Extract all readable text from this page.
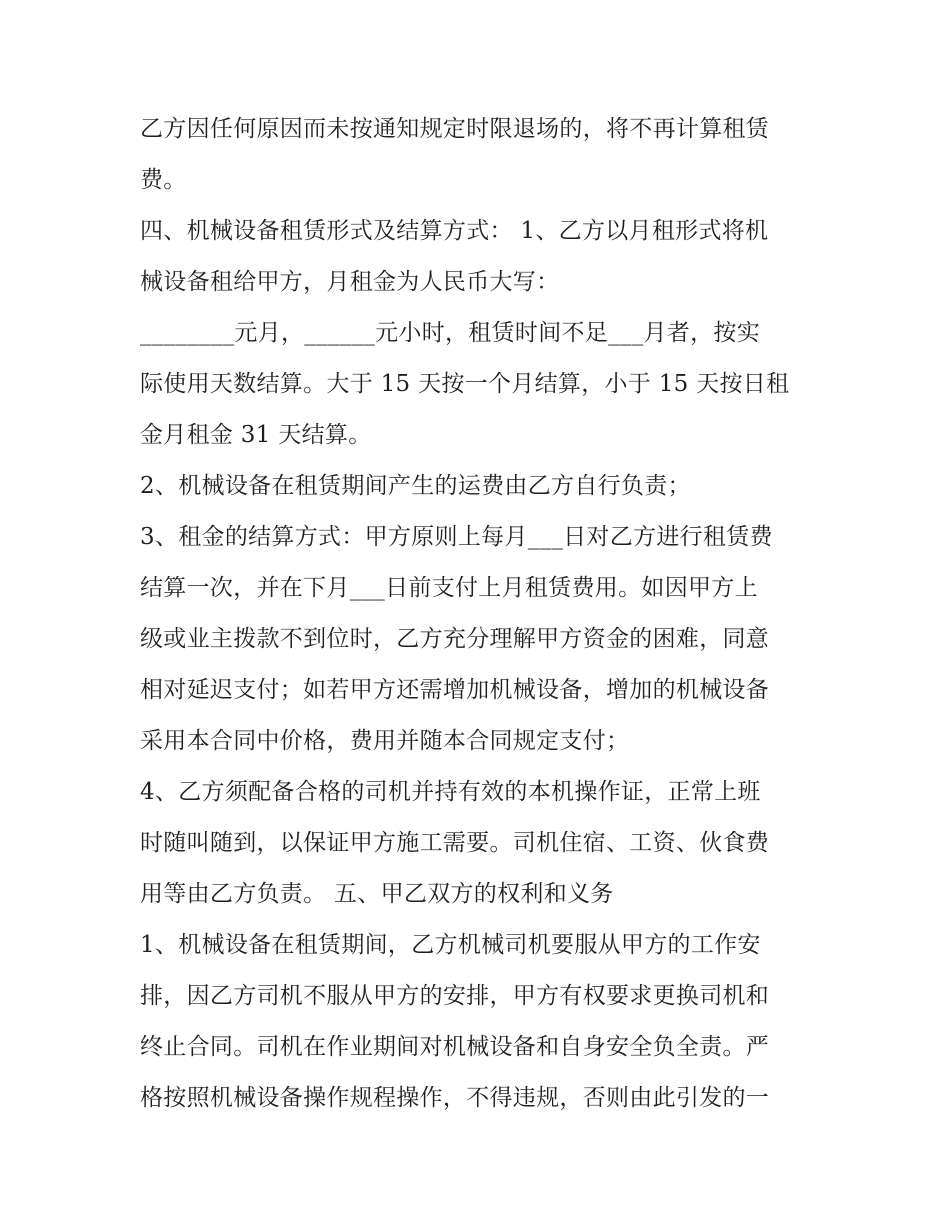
乙方因任何原因而未按通知规定时限退场的，将不再计算租赁
费。
四、机械设备租赁形式及结算方式： 1、乙方以月租形式将机
械设备租给甲方，月租金为人民币大写：
________元月，______元小时，租赁时间不足___月者，按实
际使用天数结算。大于 15 天按一个月结算，小于 15 天按日租
金月租金 31 天结算。
2、机械设备在租赁期间产生的运费由乙方自行负责；
3、租金的结算方式：甲方原则上每月___日对乙方进行租赁费
结算一次，并在下月___日前支付上月租赁费用。如因甲方上
级或业主拨款不到位时，乙方充分理解甲方资金的困难，同意
相对延迟支付；如若甲方还需增加机械设备，增加的机械设备
采用本合同中价格，费用并随本合同规定支付；
4、乙方须配备合格的司机并持有效的本机操作证，正常上班
时随叫随到，以保证甲方施工需要。司机住宿、工资、伙食费
用等由乙方负责。 五、甲乙双方的权利和义务
1、机械设备在租赁期间，乙方机械司机要服从甲方的工作安
排，因乙方司机不服从甲方的安排，甲方有权要求更换司机和
终止合同。司机在作业期间对机械设备和自身安全负全责。严
格按照机械设备操作规程操作，不得违规，否则由此引发的一
